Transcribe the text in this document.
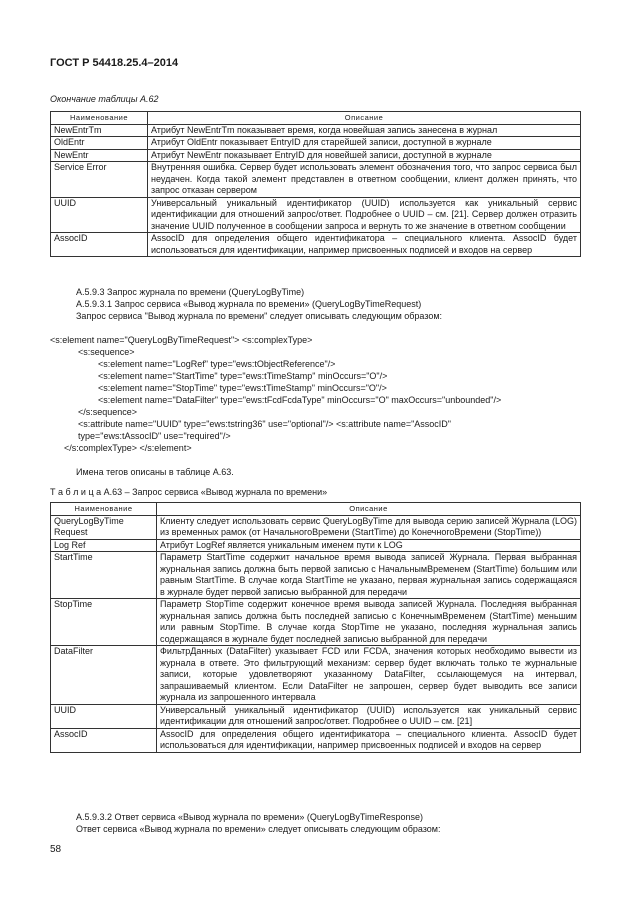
ГОСТ Р 54418.25.4–2014
Окончание таблицы А.62
Наименование	Описание
NewEntrTm	Атрибут NewEntrTm показывает время, когда новейшая запись занесена в журнал
OldEntr	Атрибут OldEntr показывает EntryID для старейшей записи, доступной в журнале
NewEntr	Атрибут NewEntr показывает EntryID для новейшей записи, доступной в журнале
Service Error	Внутренняя ошибка. Сервер будет использовать элемент обозначения того, что запрос сервиса был неудачен. Когда такой элемент представлен в ответном сообщении, клиент должен принять, что запрос отказан сервером
UUID	Универсальный уникальный идентификатор (UUID) используется как уникальный сервис идентификации для отношений запрос/ответ. Подробнее о UUID – см. [21]. Сервер должен отразить значение UUID полученное в сообщении запроса и вернуть то же значение в ответном сообщении
AssocID	AssocID для определения общего идентификатора – специального клиента. AssocID будет использоваться для идентификации, например присвоенных подписей и входов на сервер
А.5.9.3 Запрос журнала по времени (QueryLogByTime)
А.5.9.3.1 Запрос сервиса «Вывод журнала по времени» (QueryLogByTimeRequest)
Запрос сервиса "Вывод журнала по времени" следует описывать следующим образом:
<s:element name="QueryLogByTimeRequest"> <s:complexType>
<s:sequence>
<s:element name="LogRef" type="ews:tObjectReference"/>
<s:element name="StartTime" type="ews:tTimeStamp" minOccurs="O"/>
<s:element name="StopTime" type="ews:tTimeStamp" minOccurs="O"/>
<s:element name="DataFilter" type="ews:tFcdFcdaType" minOccurs="O" maxOccurs="unbounded"/>
</s:sequence>
<s:attribute name="UUID" type="ews:tstring36" use="optional"/> <s:attribute name="AssocID"
type="ews:tAssocID" use="required"/>
</s:complexType> </s:element>
Имена тегов описаны в таблице А.63.
Т а б л и ц а А.63 – Запрос сервиса «Вывод журнала по времени»
Наименование	Описание
QueryLogByTime Request	Клиенту следует использовать сервис QueryLogByTime для вывода серию записей Журнала (LOG) из временных рамок (от НачальногоВремени (StartTime) до КонечногоВремени (StopTime))
Log Ref	Атрибут LogRef является уникальным именем пути к LOG
StartTime	Параметр StartTime содержит начальное время вывода записей Журнала. Первая выбранная журнальная запись должна быть первой записью с НачальнымВременем (StartTime) большим или равным StartTime. В случае когда StartTime не указано, первая журнальная запись содержащаяся в журнале будет первой записью выбранной для передачи
StopTime	Параметр StopTime содержит конечное время вывода записей Журнала. Последняя выбранная журнальная запись должна быть последней записью с КонечнымВременем (StartTime) меньшим или равным StopTime. В случае когда StopTime не указано, последняя журнальная запись содержащаяся в журнале будет последней записью выбранной для передачи
DataFilter	ФильтрДанных (DataFilter) указывает FCD или FCDA, значения которых необходимо вывести из журнала в ответе. Это фильтрующий механизм: сервер будет включать только те журнальные записи, которые удовлетворяют указанному DataFilter, ссылающемуся на интервал, запрашиваемый клиентом. Если DataFilter не запрошен, сервер будет выводить все записи журнала из запрошенного интервала
UUID	Универсальный уникальный идентификатор (UUID) используется как уникальный сервис идентификации для отношений запрос/ответ. Подробнее о UUID – см. [21]
AssocID	AssocID для определения общего идентификатора – специального клиента. AssocID будет использоваться для идентификации, например присвоенных подписей и входов на сервер
А.5.9.3.2 Ответ сервиса «Вывод журнала по времени» (QueryLogByTimeResponse)
Ответ сервиса «Вывод журнала по времени» следует описывать следующим образом:
58
